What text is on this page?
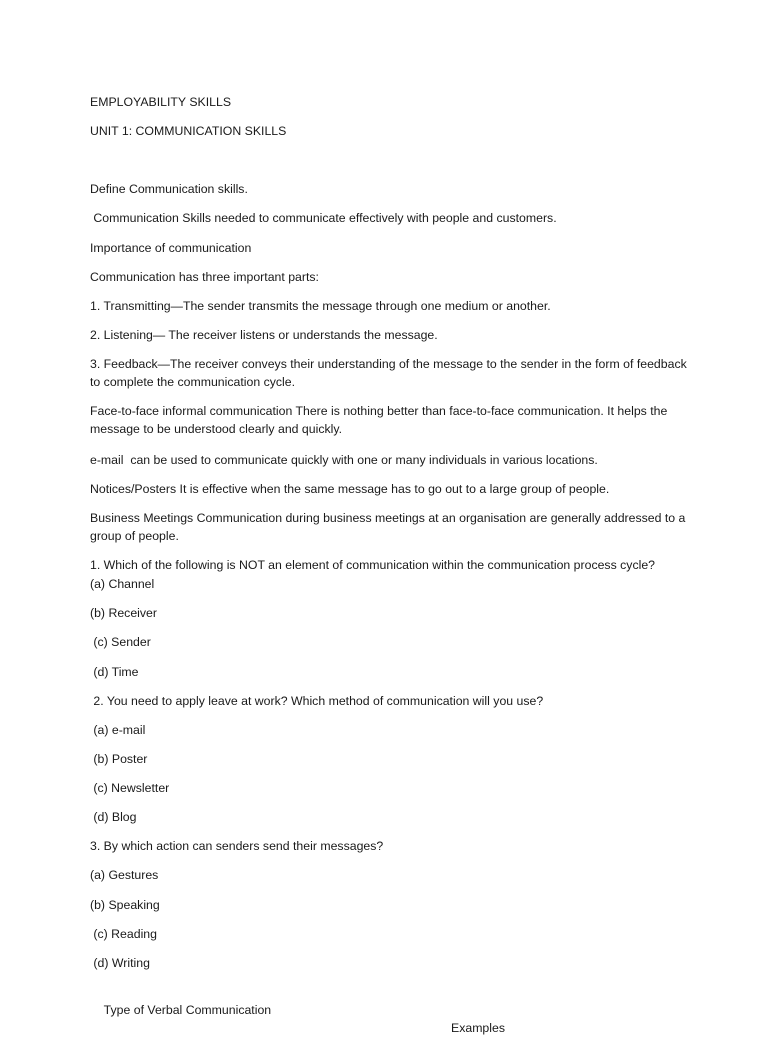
EMPLOYABILITY SKILLS
UNIT 1: COMMUNICATION SKILLS
Define Communication skills.
Communication Skills needed to communicate effectively with people and customers.
Importance of communication
Communication has three important parts:
1. Transmitting—The sender transmits the message through one medium or another.
2. Listening— The receiver listens or understands the message.
3. Feedback—The receiver conveys their understanding of the message to the sender in the form of feedback to complete the communication cycle.
Face-to-face informal communication There is nothing better than face-to-face communication. It helps the message to be understood clearly and quickly.
e-mail  can be used to communicate quickly with one or many individuals in various locations.
Notices/Posters It is effective when the same message has to go out to a large group of people.
Business Meetings Communication during business meetings at an organisation are generally addressed to a group of people.
1. Which of the following is NOT an element of communication within the communication process cycle?
(a) Channel
(b) Receiver
(c) Sender
(d) Time
2. You need to apply leave at work? Which method of communication will you use?
(a) e-mail
(b) Poster
(c) Newsletter
(d) Blog
3. By which action can senders send their messages?
(a) Gestures
(b) Speaking
(c) Reading
(d) Writing

Type of Verbal Communication

Examples
